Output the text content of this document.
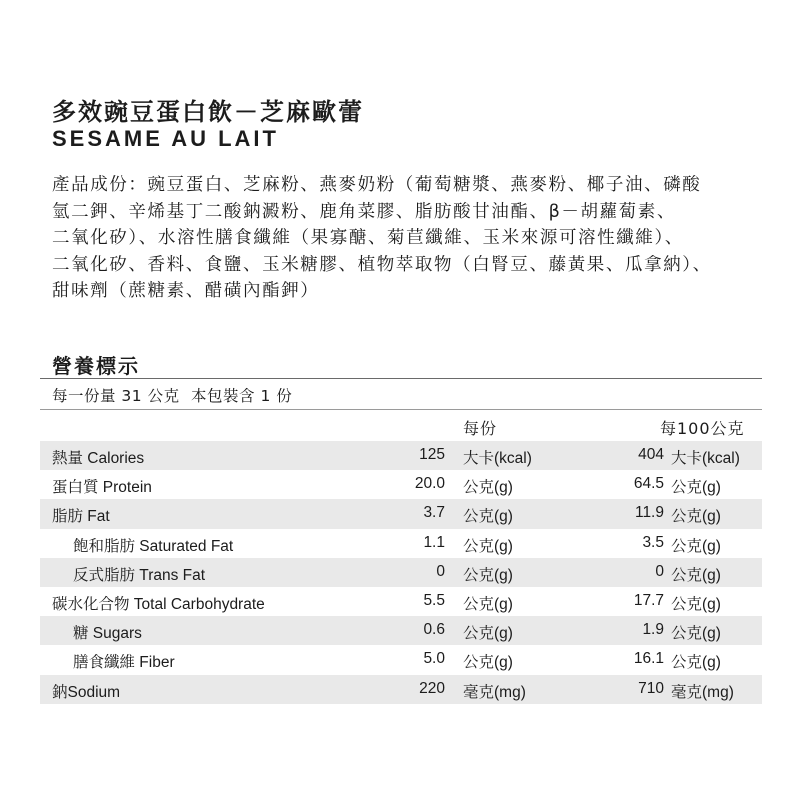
多效豌豆蛋白飲－芝麻歐蕾
SESAME AU LAIT
產品成份：豌豆蛋白、芝麻粉、燕麥奶粉（葡萄糖漿、燕麥粉、椰子油、磷酸
氫二鉀、辛烯基丁二酸鈉澱粉、鹿角菜膠、脂肪酸甘油酯、β－胡蘿蔔素、
二氧化矽）、水溶性膳食纖維（果寡醣、菊苣纖維、玉米來源可溶性纖維）、
二氧化矽、香料、食鹽、玉米糖膠、植物萃取物（白腎豆、藤黃果、瓜拿納）、
甜味劑（蔗糖素、醋磺內酯鉀）
營養標示
每一份量 31 公克 本包裝含 1 份
每份	每100公克
熱量 Calories	125 大卡(kcal)	404 大卡(kcal)
蛋白質 Protein	20.0 公克(g)	64.5 公克(g)
脂肪 Fat	3.7 公克(g)	11.9 公克(g)
飽和脂肪 Saturated Fat	1.1 公克(g)	3.5 公克(g)
反式脂肪 Trans Fat	0 公克(g)	0 公克(g)
碳水化合物 Total Carbohydrate	5.5 公克(g)	17.7 公克(g)
糖 Sugars	0.6 公克(g)	1.9 公克(g)
膳食纖維 Fiber	5.0 公克(g)	16.1 公克(g)
鈉Sodium	220 毫克(mg)	710 毫克(mg)
